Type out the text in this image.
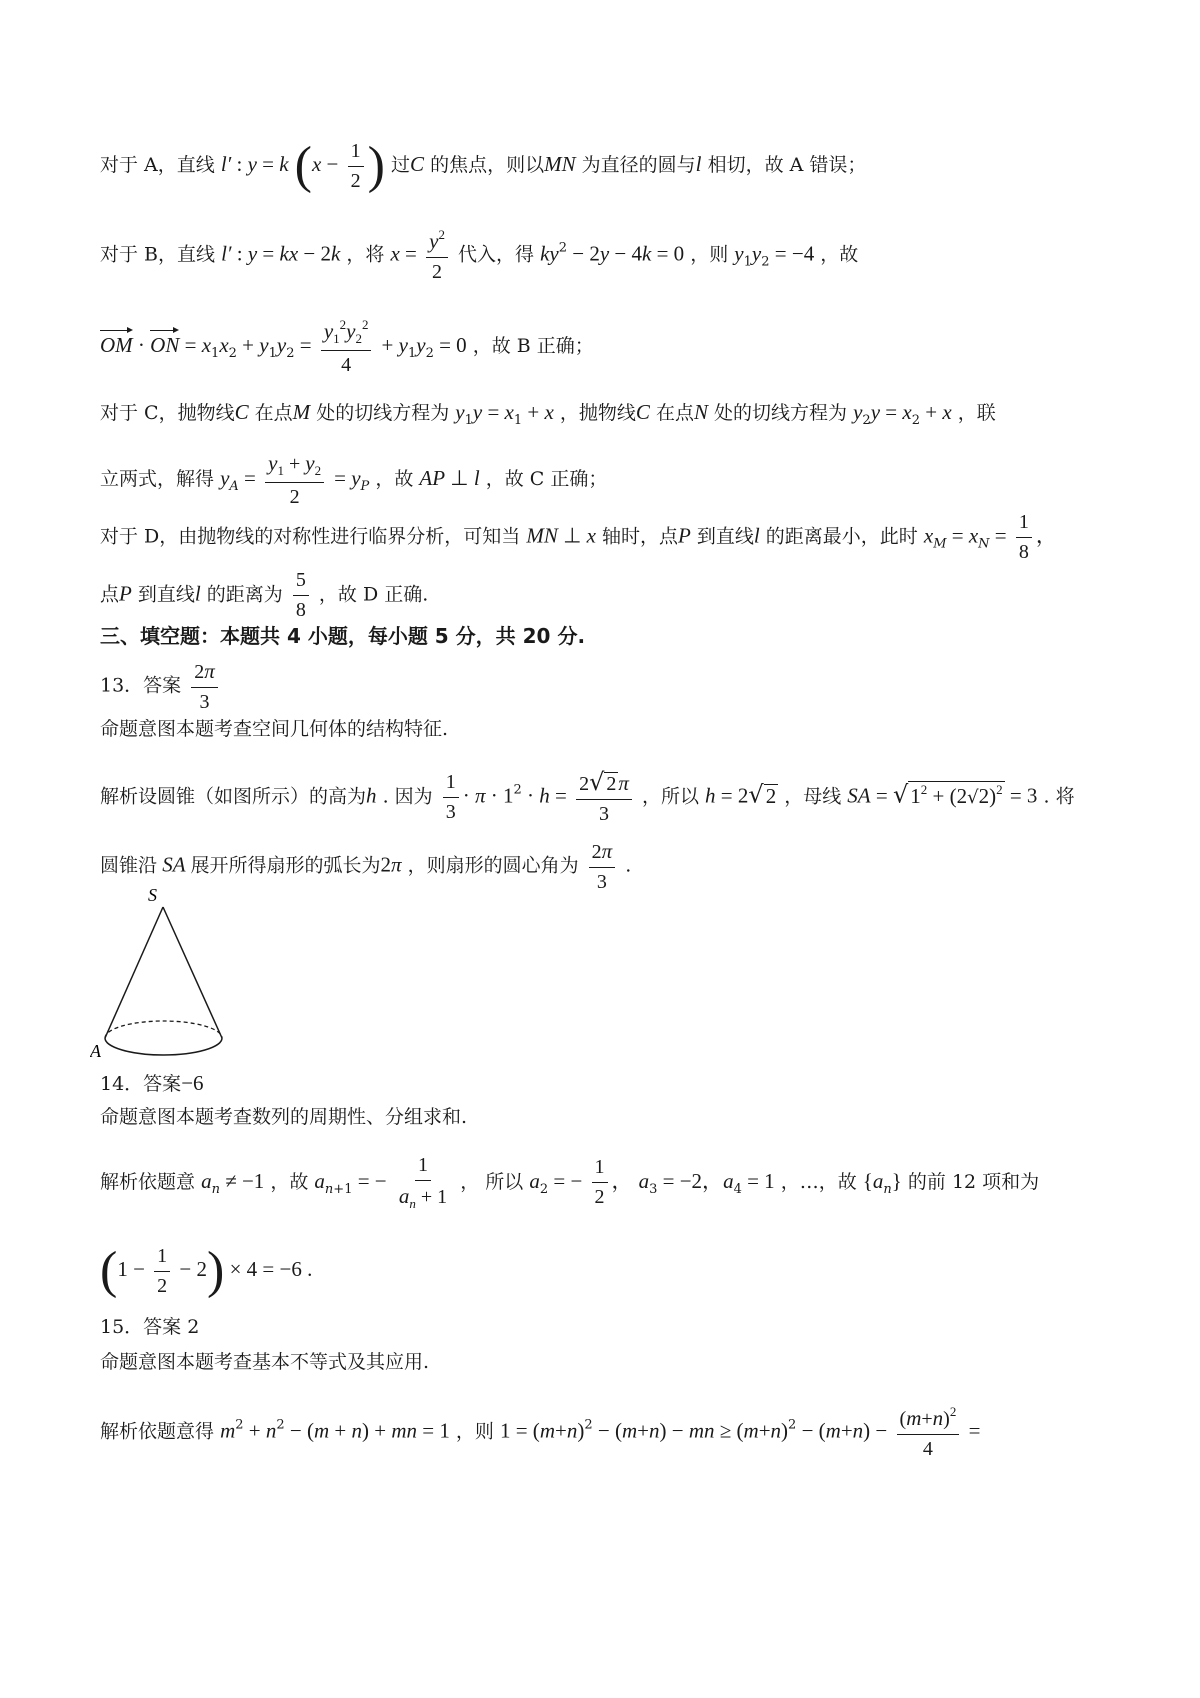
对于 A，直线 l′ : y = k ($x - \frac{1}{2}$ ) 过C 的焦点，则以MN 为直径的圆与l 相切，故 A 错误；
对于 B，直线 l′ : y = kx − 2k ，将 $x = \frac{y^2}{2}$ 代入，得 $ky^2 - 2y - 4k = 0$ ，则 $y_1y_2 = -4$ ，故
OM · ON = $x_1x_2 + y_1y_2 = \frac{y_1^2y_2^2}{4} + y_1y_2 = 0$ ，故 B 正确；
对于 C，抛物线C 在点M 处的切线方程为 $y_1y = x_1 + x$ ，抛物线C 在点N 处的切线方程为 $y_2y = x_2 + x$ ，联
立两式，解得 $y_A = \frac{y_1 + y_2}{2} = y_P$ ，故 AP ⊥ l ，故 C 正确；
对于 D，由抛物线的对称性进行临界分析，可知当 MN ⊥ x 轴时，点P 到直线l 的距离最小，此时 $x_M = x_N = \frac{1}{8}$ ，
点P 到直线l 的距离为 $\frac{5}{8}$ ，故 D 正确.
三、填空题：本题共 4 小题，每小题 5 分，共 20 分.
13．答案 $\frac{2\pi}{3}$
命题意图本题考查空间几何体的结构特征.
解析设圆锥（如图所示）的高为h . 因为 $\frac{1}{3} \cdot \pi \cdot 1^2 \cdot h = \frac{2√ 2\pi}{3}$ ，所以 h = 2√2 ，母线 SA = $√1^2 + (2√2)^2 = 3$ . 将
圆锥沿 SA 展开所得扇形的弧长为2π ，则扇形的圆心角为 $\frac{2\pi}{3}$ .
S
A
14．答案−6
命题意图本题考查数列的周期性、分组求和.
解析依题意 $a_n \ne -1$ ，故 $a_{n+1}$ = − $\frac{1}{a_n + 1}$ ， 所以 $a_2$ = − $\frac{1}{2}$ ， $a_3 = -2$，$a_4 = 1$ ，…，故 $\{a_n\}$ 的前 12 项和为
$(1 - \frac{1}{2} - 2) \times 4 = -6$ .
15．答案 2
命题意图本题考查基本不等式及其应用.
解析依题意得 $m^2 + n^2 - (m + n)$ + mn = 1 ，则 $1 = (m+n)^2 - (m+n)$ − mn ≥ $(m+n)^2 - (m+n) - \frac{(m+n)^2}{4}$ =
